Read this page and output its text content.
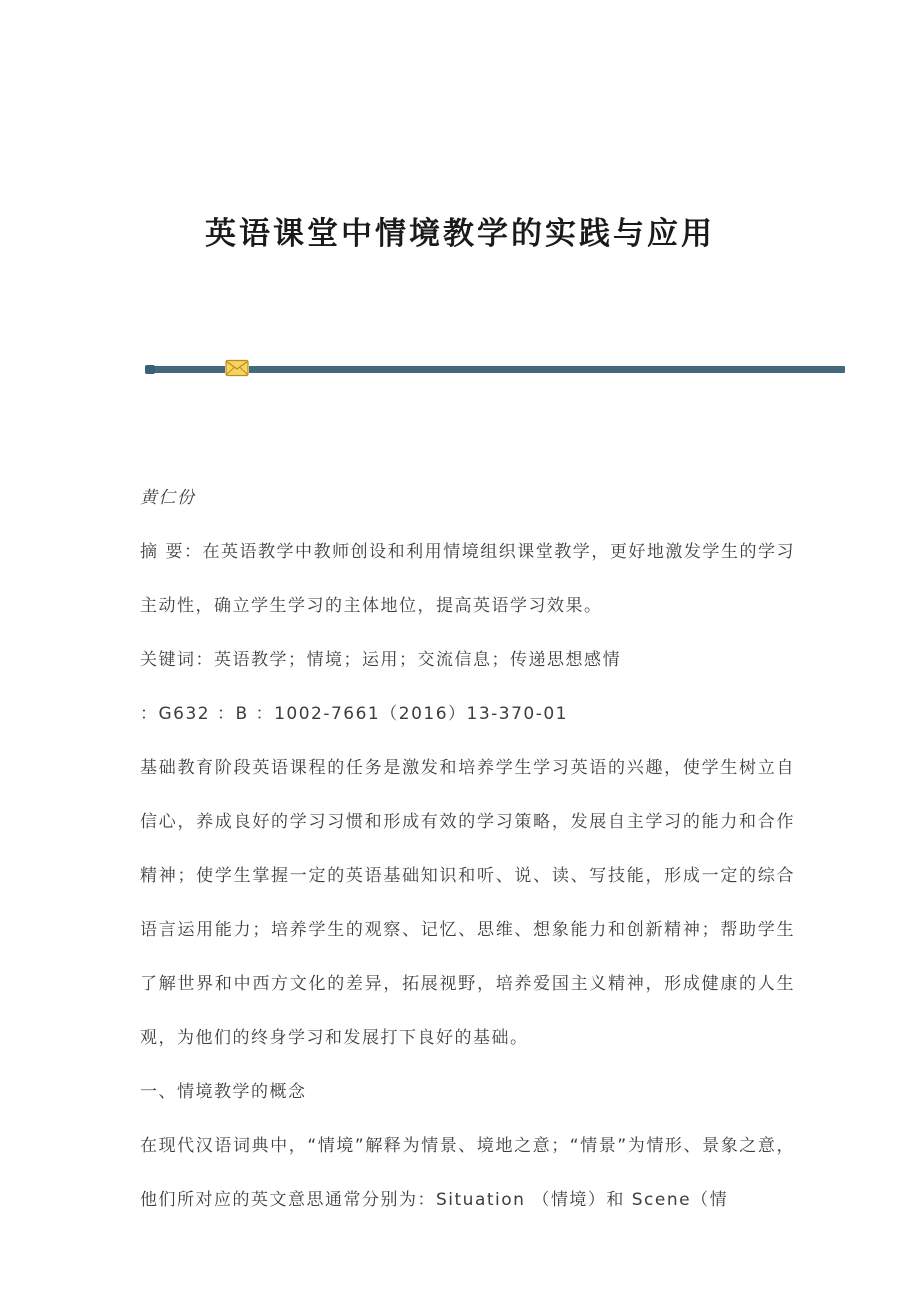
英语课堂中情境教学的实践与应用

黄仁份

摘 要：在英语教学中教师创设和利用情境组织课堂教学，更好地激发学生的学习主动性，确立学生学习的主体地位，提高英语学习效果。

关键词：英语教学；情境；运用；交流信息；传递思想感情

：G632 ：B ：1002-7661（2016）13-370-01

基础教育阶段英语课程的任务是激发和培养学生学习英语的兴趣，使学生树立自信心，养成良好的学习习惯和形成有效的学习策略，发展自主学习的能力和合作精神；使学生掌握一定的英语基础知识和听、说、读、写技能，形成一定的综合语言运用能力；培养学生的观察、记忆、思维、想象能力和创新精神；帮助学生了解世界和中西方文化的差异，拓展视野，培养爱国主义精神，形成健康的人生观，为他们的终身学习和发展打下良好的基础。

一、情境教学的概念

在现代汉语词典中，“情境”解释为情景、境地之意；“情景”为情形、景象之意，他们所对应的英文意思通常分别为：Situation （情境）和 Scene（情
